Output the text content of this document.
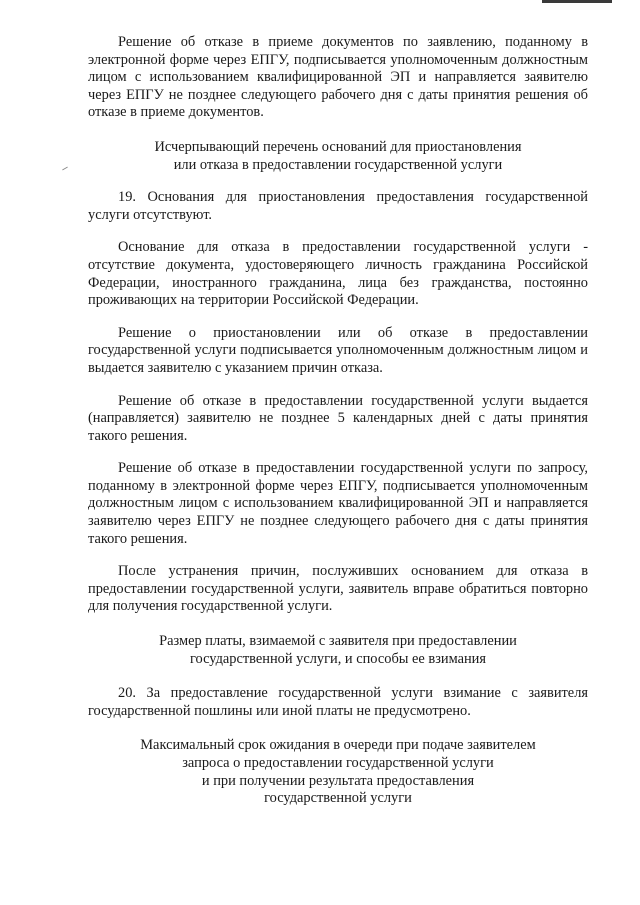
Решение об отказе в приеме документов по заявлению, поданному в электронной форме через ЕПГУ, подписывается уполномоченным должностным лицом с использованием квалифицированной ЭП и направляется заявителю через ЕПГУ не позднее следующего рабочего дня с даты принятия решения об отказе в приеме документов.

Исчерпывающий перечень оснований для приостановления
или отказа в предоставлении государственной услуги

19. Основания для приостановления предоставления государственной услуги отсутствуют.

Основание для отказа в предоставлении государственной услуги - отсутствие документа, удостоверяющего личность гражданина Российской Федерации, иностранного гражданина, лица без гражданства, постоянно проживающих на территории Российской Федерации.

Решение о приостановлении или об отказе в предоставлении государственной услуги подписывается уполномоченным должностным лицом и выдается заявителю с указанием причин отказа.

Решение об отказе в предоставлении государственной услуги выдается (направляется) заявителю не позднее 5 календарных дней с даты принятия такого решения.

Решение об отказе в предоставлении государственной услуги по запросу, поданному в электронной форме через ЕПГУ, подписывается уполномоченным должностным лицом с использованием квалифицированной ЭП и направляется заявителю через ЕПГУ не позднее следующего рабочего дня с даты принятия такого решения.

После устранения причин, послуживших основанием для отказа в предоставлении государственной услуги, заявитель вправе обратиться повторно для получения государственной услуги.

Размер платы, взимаемой с заявителя при предоставлении
государственной услуги, и способы ее взимания

20. За предоставление государственной услуги взимание с заявителя государственной пошлины или иной платы не предусмотрено.

Максимальный срок ожидания в очереди при подаче заявителем
запроса о предоставлении государственной услуги
и при получении результата предоставления
государственной услуги
